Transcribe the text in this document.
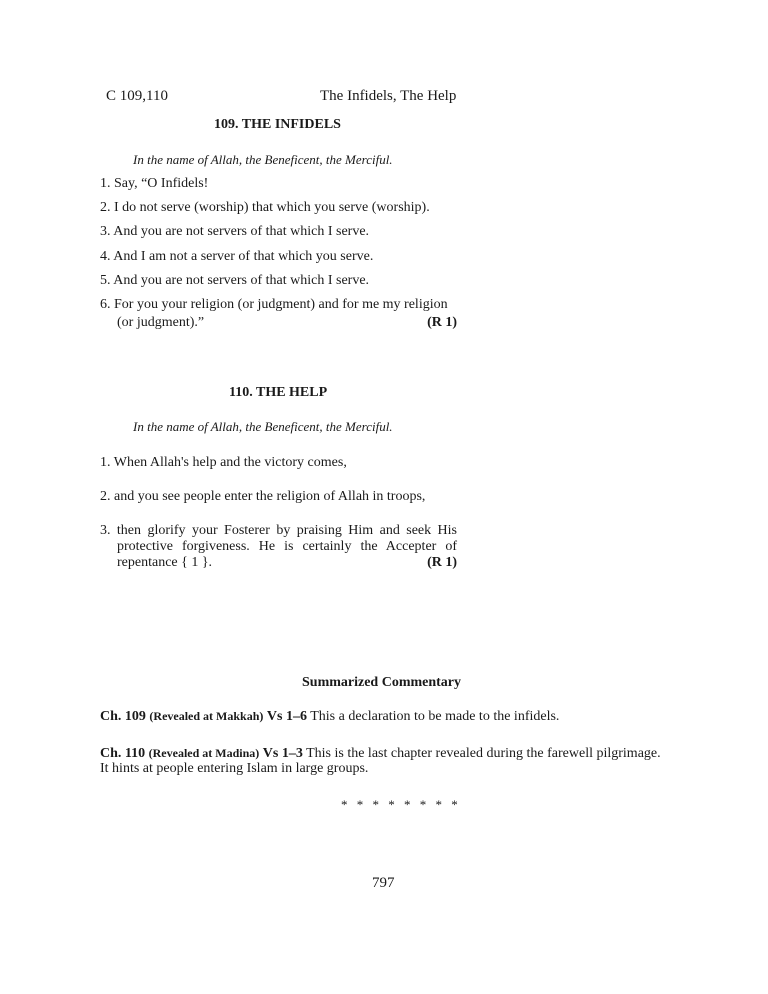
C 109,110	The Infidels, The Help
109. THE INFIDELS
In the name of Allah, the Beneficent, the Merciful.
1. Say, “O Infidels!
2. I do not serve (worship) that which you serve (worship).
3. And you are not servers of that which I serve.
4. And I am not a server of that which you serve.
5. And you are not servers of that which I serve.
6. For you your religion (or judgment) and for me my religion
(or judgment).”	(R 1)
110. THE HELP
In the name of Allah, the Beneficent, the Merciful.
1. When Allah's help and the victory comes,
2. and you see people enter the religion of Allah in troops,
3. then glorify your Fosterer by praising Him and seek His
protective forgiveness. He is certainly the Accepter of
repentance { 1 }.	(R 1)
Summarized Commentary
Ch. 109 (Revealed at Makkah) Vs 1–6 This a declaration to be made to the infidels.
Ch. 110 (Revealed at Madina) Vs 1–3 This is the last chapter revealed during the farewell pilgrimage.
It hints at people entering Islam in large groups.
* * * * * * * *
797
